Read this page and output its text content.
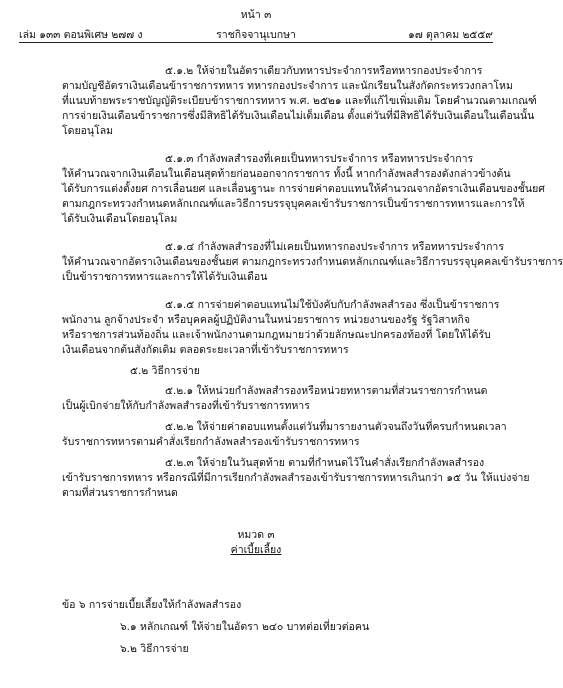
หน้า ๓
เล่ม ๑๓๓ ตอนพิเศษ ๒๗๗ ง	ราชกิจจานุเบกษา	๑๗ ตุลาคม ๒๕๕๙
๕.๑.๒ ให้จ่ายในอัตราเดียวกับทหารประจำการหรือทหารกองประจำการ
ตามบัญชีอัตราเงินเดือนข้าราชการทหาร ทหารกองประจำการ และนักเรียนในสังกัดกระทรวงกลาโหม
ที่แนบท้ายพระราชบัญญัติระเบียบข้าราชการทหาร พ.ศ. ๒๕๒๑ และที่แก้ไขเพิ่มเติม โดยคำนวณตามเกณฑ์
การจ่ายเงินเดือนข้าราชการซึ่งมีสิทธิได้รับเงินเดือนไม่เต็มเดือน ตั้งแต่วันที่มีสิทธิได้รับเงินเดือนในเดือนนั้น
โดยอนุโลม
๕.๑.๓ กำลังพลสำรองที่เคยเป็นทหารประจำการ หรือทหารประจำการ
ให้คำนวณจากเงินเดือนในเดือนสุดท้ายก่อนออกจากราชการ ทั้งนี้ หากกำลังพลสำรองดังกล่าวข้างต้น
ได้รับการแต่งตั้งยศ การเลื่อนยศ และเลื่อนฐานะ การจ่ายค่าตอบแทนให้คำนวณจากอัตราเงินเดือนของชั้นยศ
ตามกฎกระทรวงกำหนดหลักเกณฑ์และวิธีการบรรจุบุคคลเข้ารับราชการเป็นข้าราชการทหารและการให้
ได้รับเงินเดือนโดยอนุโลม
๕.๑.๔ กำลังพลสำรองที่ไม่เคยเป็นทหารกองประจำการ หรือทหารประจำการ
ให้คำนวณจากอัตราเงินเดือนของชั้นยศ ตามกฎกระทรวงกำหนดหลักเกณฑ์และวิธีการบรรจุบุคคลเข้ารับราชการ
เป็นข้าราชการทหารและการให้ได้รับเงินเดือน
๕.๑.๕ การจ่ายค่าตอบแทนไม่ใช้บังคับกับกำลังพลสำรอง ซึ่งเป็นข้าราชการ
พนักงาน ลูกจ้างประจำ หรือบุคคลผู้ปฏิบัติงานในหน่วยราชการ หน่วยงานของรัฐ รัฐวิสาหกิจ
หรือราชการส่วนท้องถิ่น และเจ้าพนักงานตามกฎหมายว่าด้วยลักษณะปกครองท้องที่ โดยให้ได้รับ
เงินเดือนจากต้นสังกัดเดิม ตลอดระยะเวลาที่เข้ารับราชการทหาร
๕.๒ วิธีการจ่าย
๕.๒.๑ ให้หน่วยกำลังพลสำรองหรือหน่วยทหารตามที่ส่วนราชการกำหนด
เป็นผู้เบิกจ่ายให้กับกำลังพลสำรองที่เข้ารับราชการทหาร
๕.๒.๒ ให้จ่ายค่าตอบแทนตั้งแต่วันที่มารายงานตัวจนถึงวันที่ครบกำหนดเวลา
รับราชการทหารตามคำสั่งเรียกกำลังพลสำรองเข้ารับราชการทหาร
๕.๒.๓ ให้จ่ายในวันสุดท้าย ตามที่กำหนดไว้ในคำสั่งเรียกกำลังพลสำรอง
เข้ารับราชการทหาร หรือกรณีที่มีการเรียกกำลังพลสำรองเข้ารับราชการทหารเกินกว่า ๑๕ วัน ให้แบ่งจ่าย
ตามที่ส่วนราชการกำหนด
หมวด ๓
ค่าเบี้ยเลี้ยง
ข้อ ๖ การจ่ายเบี้ยเลี้ยงให้กำลังพลสำรอง
๖.๑ หลักเกณฑ์ ให้จ่ายในอัตรา ๒๔๐ บาทต่อเที่ยวต่อคน
๖.๒ วิธีการจ่าย
